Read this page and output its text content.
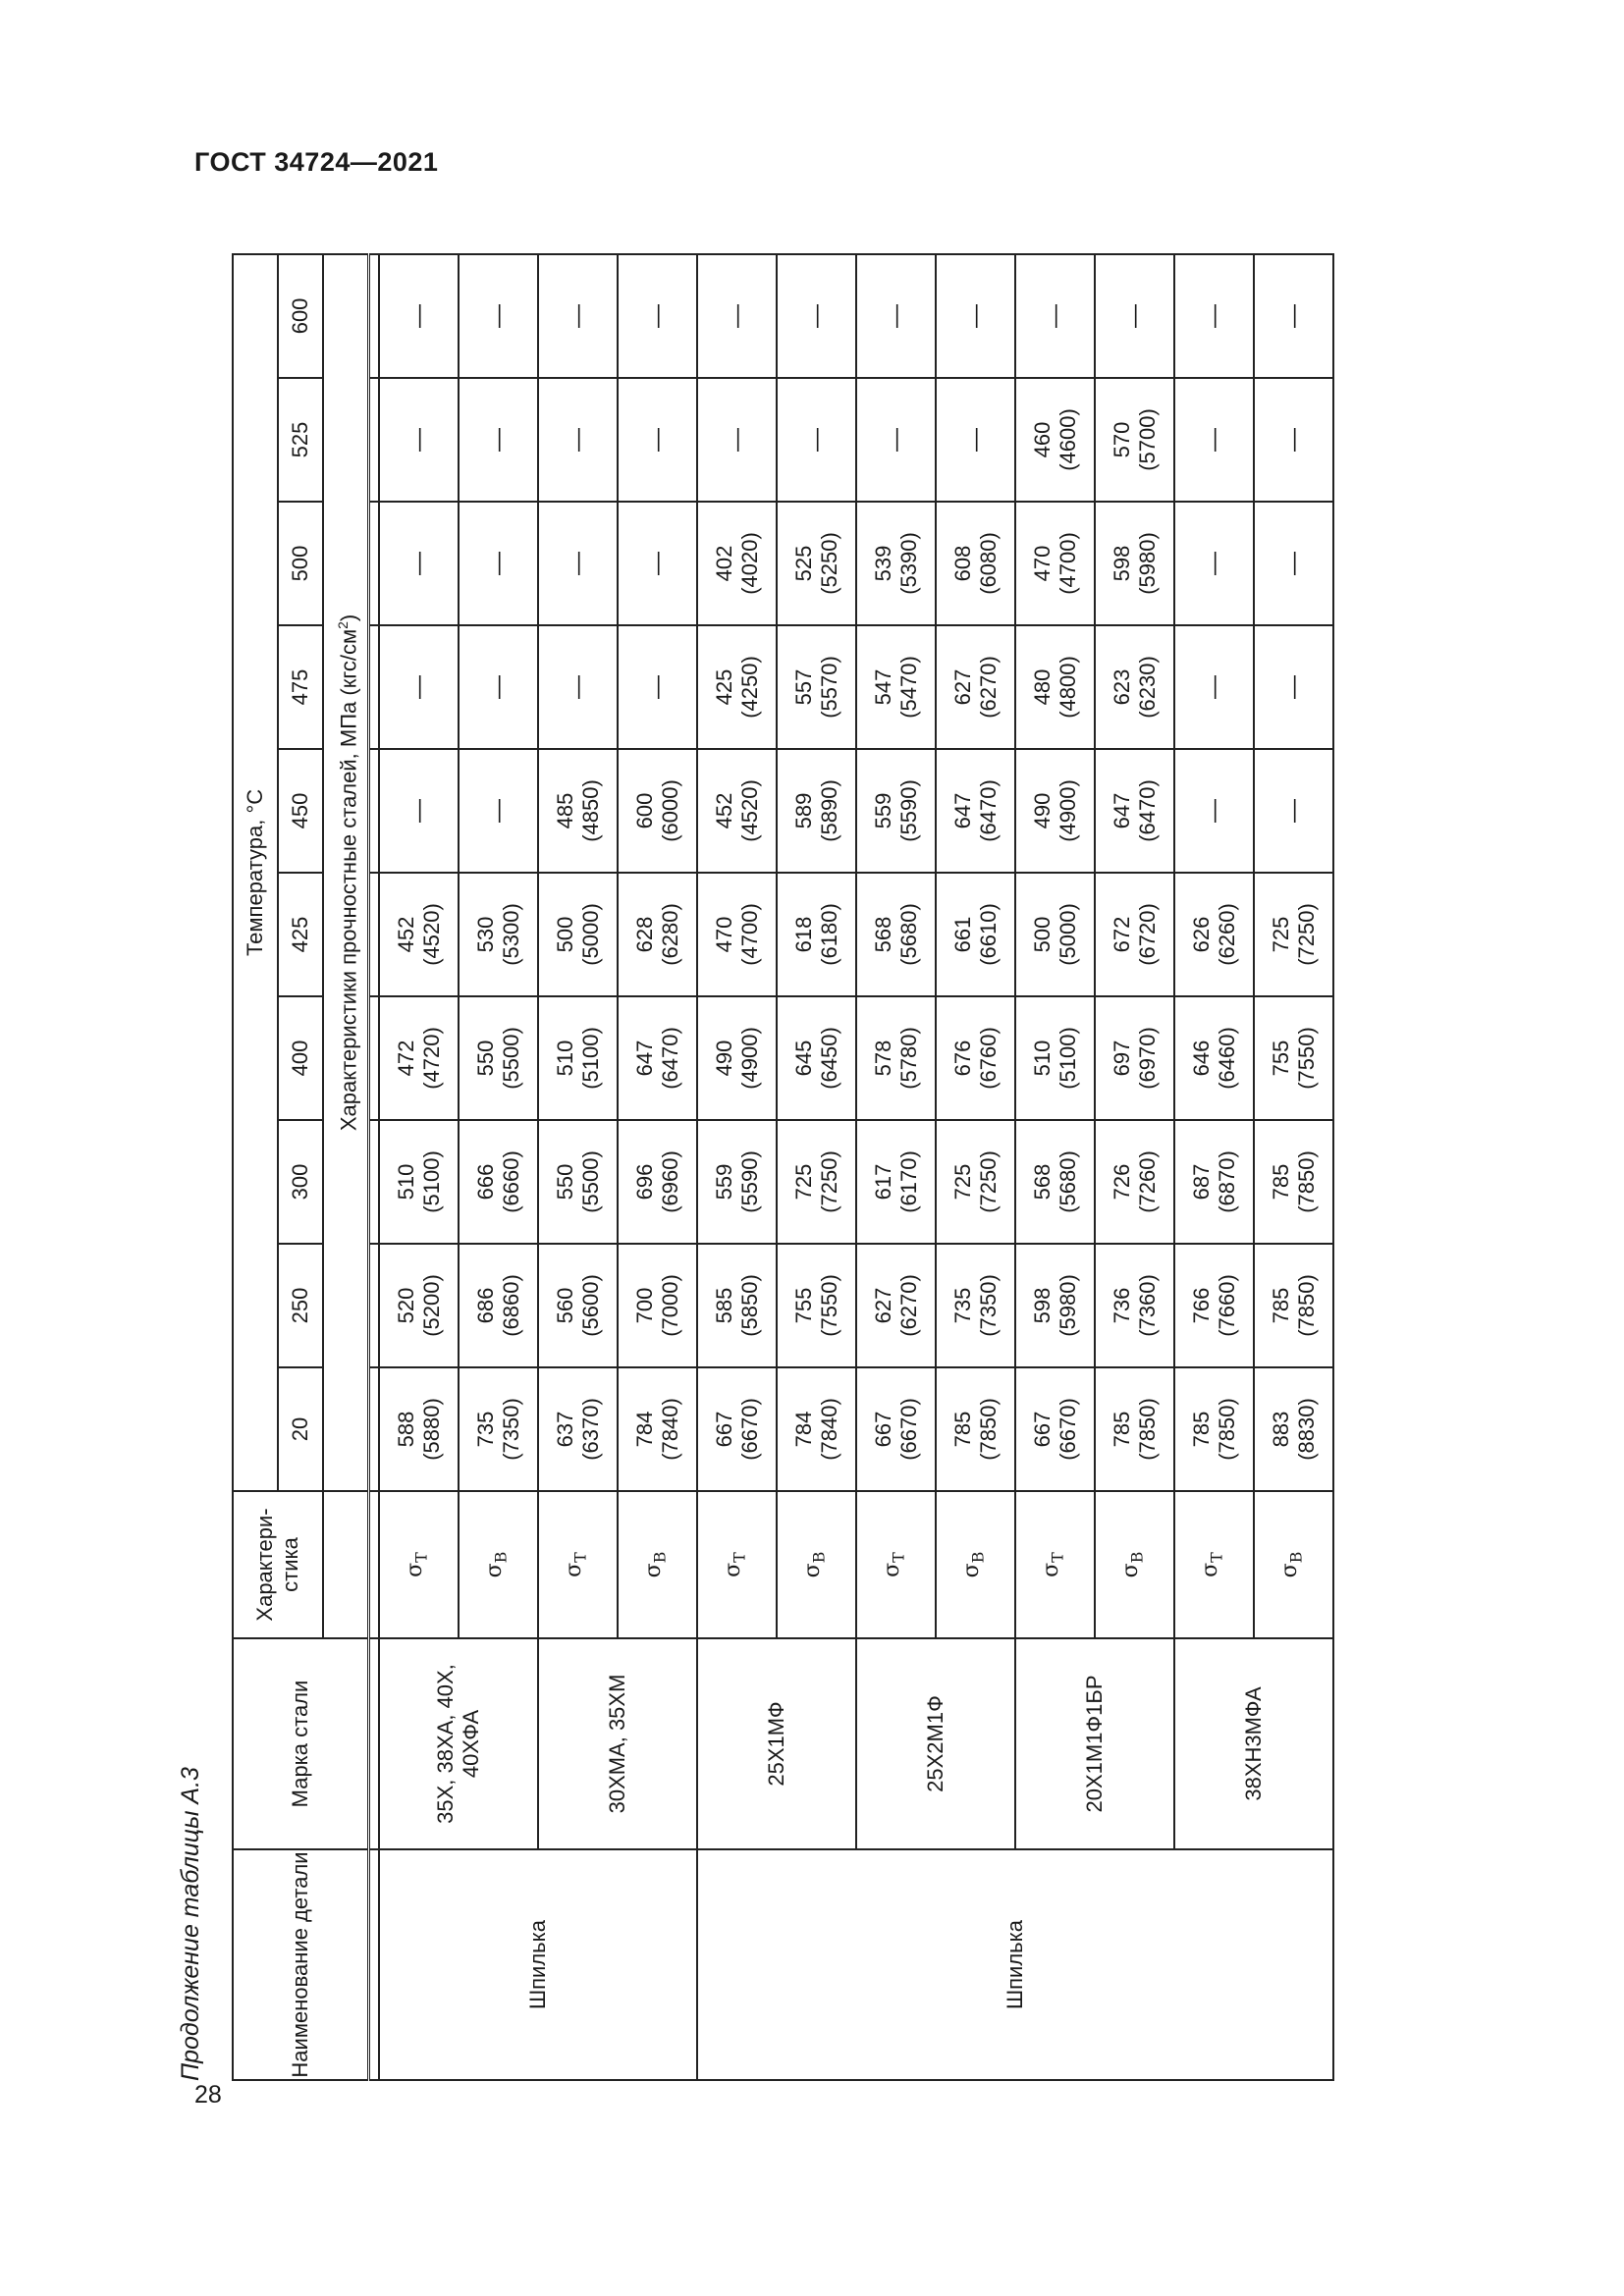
ГОСТ 34724—2021
28
Продолжение таблицы А.3	Наименование детали	Марка стали	Характери- стика	Температура, °С									
			20	250	300	400	425	450	475	500	525	600
			Характеристики прочностные сталей, МПа $(кгс/см^2)$									

Шпилька	35Х, 38ХА, 40Х, 40ХФА	$\sigma_Т$	588 (5880)	520 (5200)	510 (5100)	472 (4720)	452 (4520)	—	—	—	—	—

		$\sigma_В$	735 (7350)	686 (6860)	666 (6660)	550 (5500)	530 (5300)	—	—	—	—	—

	30ХМА, 35ХМ	$\sigma_Т$	637 (6370)	560 (5600)	550 (5500)	510 (5100)	500 (5000)	485 (4850)	—	—	—	—

		$\sigma_В$	784 (7840)	700 (7000)	696 (6960)	647 (6470)	628 (6280)	600 (6000)	—	—	—	—

Шпилька	25Х1МФ	$\sigma_Т$	667 (6670)	585 (5850)	559 (5590)	490 (4900)	470 (4700)	452 (4520)	425 (4250)	402 (4020)	—	—

		$\sigma_В$	784 (7840)	755 (7550)	725 (7250)	645 (6450)	618 (6180)	589 (5890)	557 (5570)	525 (5250)	—	—

	25Х2М1Ф	$\sigma_Т$	667 (6670)	627 (6270)	617 (6170)	578 (5780)	568 (5680)	559 (5590)	547 (5470)	539 (5390)	—	—

		$\sigma_В$	785 (7850)	735 (7350)	725 (7250)	676 (6760)	661 (6610)	647 (6470)	627 (6270)	608 (6080)	—	—

	20Х1М1Ф1БР	$\sigma_Т$	667 (6670)	598 (5980)	568 (5680)	510 (5100)	500 (5000)	490 (4900)	480 (4800)	470 (4700)	460 (4600)	—

		$\sigma_В$	785 (7850)	736 (7360)	726 (7260)	697 (6970)	672 (6720)	647 (6470)	623 (6230)	598 (5980)	570 (5700)	—

	38ХН3МФА	$\sigma_Т$	785 (7850)	766 (7660)	687 (6870)	646 (6460)	626 (6260)	—	—	—	—	—

		$\sigma_В$	883 (8830)	785 (7850)	785 (7850)	755 (7550)	725 (7250)	—	—	—	—	—
